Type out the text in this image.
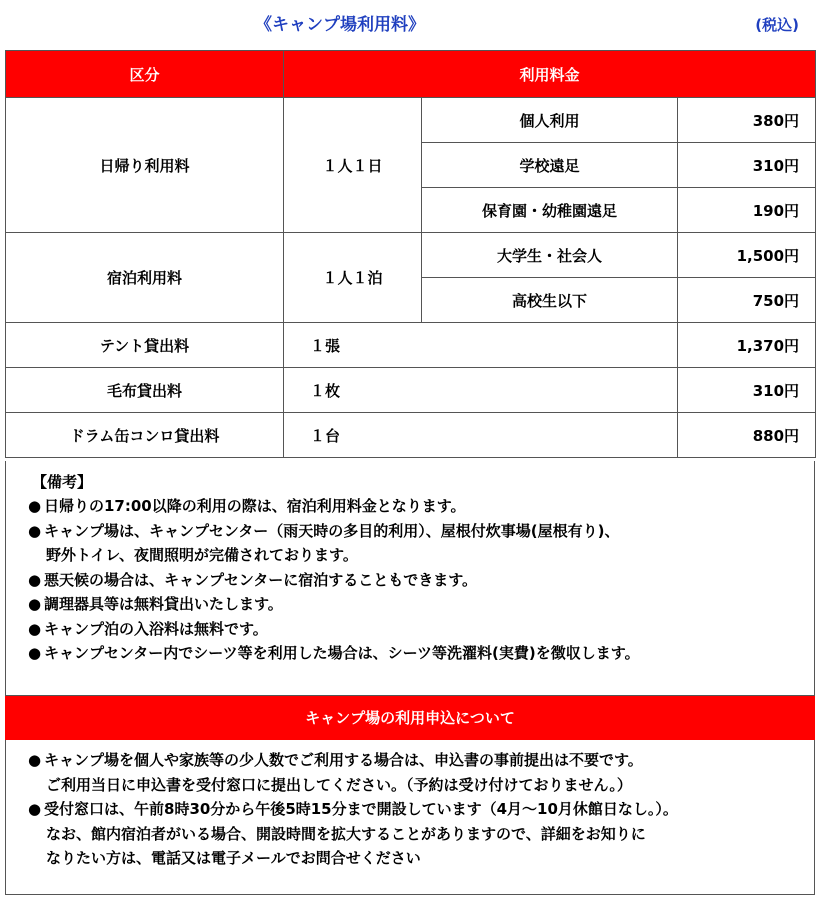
《キャンプ場利用料》	(税込)
区分	利用料金		
日帰り利用料	１人１日	個人利用	380円
		学校遠足	310円
		保育園・幼稚園遠足	190円
宿泊利用料	１人１泊	大学生・社会人	1,500円
		高校生以下	750円
テント貸出料	１張		1,370円
毛布貸出料	１枚		310円
ドラム缶コンロ貸出料	１台		880円
【備考】
● 日帰りの17:00以降の利用の際は、宿泊利用料金となります。
● キャンプ場は、キャンプセンター（雨天時の多目的利用）、屋根付炊事場(屋根有り)、
野外トイレ、夜間照明が完備されております。
● 悪天候の場合は、キャンプセンターに宿泊することもできます。
● 調理器具等は無料貸出いたします。
● キャンプ泊の入浴料は無料です。
● キャンプセンター内でシーツ等を利用した場合は、シーツ等洗濯料(実費)を徴収します。
キャンプ場の利用申込について
● キャンプ場を個人や家族等の少人数でご利用する場合は、申込書の事前提出は不要です。
ご利用当日に申込書を受付窓口に提出してください。（予約は受け付けておりません。）
● 受付窓口は、午前8時30分から午後5時15分まで開設しています（4月～10月休館日なし。）。
なお、館内宿泊者がいる場合、開設時間を拡大することがありますので、詳細をお知りに
なりたい方は、電話又は電子メールでお問合せください
